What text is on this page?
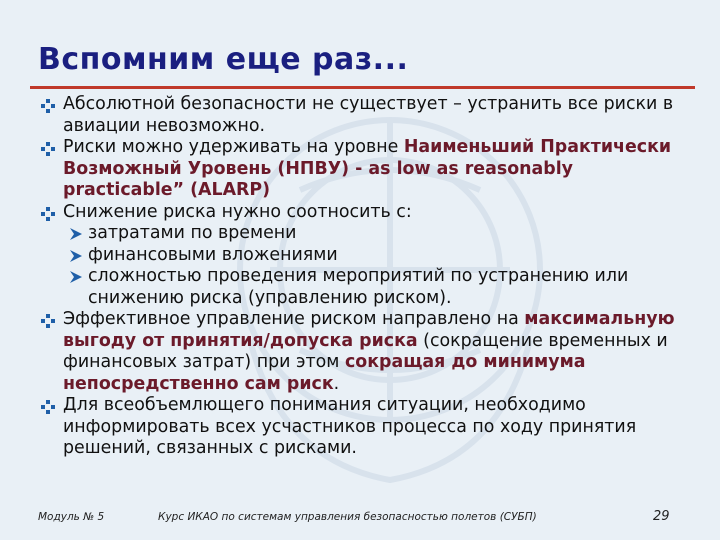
Вспомним еще раз...
Абсолютной безопасности не существует – устранить все риски в авиации невозможно.
Риски можно удерживать на уровне Наименьший Практически Возможный Уровень (НПВУ) - as low as reasonably practicable” (ALARP)
Снижение риска нужно соотносить с:
затратами по времени
финансовыми вложениями
сложностью проведения мероприятий по устранению или снижению риска (управлению риском).
Эффективное управление риском направлено на максимальную выгоду от принятия/допуска риска (сокращение временных и финансовых затрат) при этом сокращая до минимума непосредственно сам риск.
Для всеобъемлющего понимания ситуации, необходимо информировать всех усчастников процесса по ходу принятия решений, связанных с рисками.
Модуль № 5	Курс ИКАО по системам управления безопасностью полетов (СУБП)	29
